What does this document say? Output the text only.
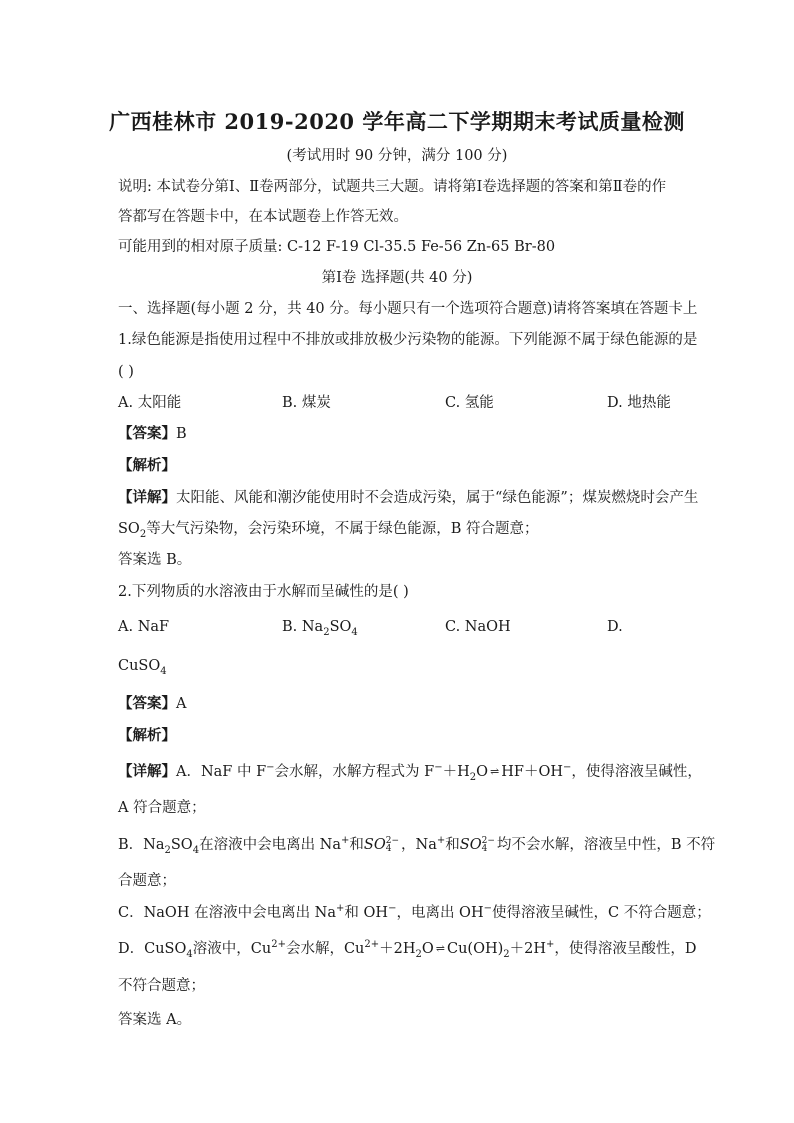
广西桂林市 2019-2020 学年高二下学期期末考试质量检测
(考试用时 90 分钟，满分 100 分)
说明: 本试卷分第Ⅰ、Ⅱ卷两部分，试题共三大题。请将第Ⅰ卷选择题的答案和第Ⅱ卷的作
答都写在答题卡中，在本试题卷上作答无效。
可能用到的相对原子质量: C-12 F-19 Cl-35.5 Fe-56 Zn-65 Br-80
第Ⅰ卷 选择题(共 40 分)
一、选择题(每小题 2 分，共 40 分。每小题只有一个选项符合题意)请将答案填在答题卡上
1.绿色能源是指使用过程中不排放或排放极少污染物的能源。下列能源不属于绿色能源的是
( )
A. 太阳能	B. 煤炭	C. 氢能	D. 地热能
【答案】B
【解析】
【详解】太阳能、风能和潮汐能使用时不会造成污染，属于“绿色能源”；煤炭燃烧时会产生
$SO_2$等大气污染物，会污染环境，不属于绿色能源，B 符合题意；
答案选 B。
2.下列物质的水溶液由于水解而呈碱性的是( )
A. NaF	B. $Na_2SO_4$	C. NaOH	D.
CuSO$_4$
【答案】A
【解析】
【详解】A．NaF 中 F−会水解，水解方程式为 $F^-+H_2O$ ⇌ HF＋OH−，使得溶液呈碱性，
A 符合题意；
B．$Na_2SO_4$在溶液中会电离出 Na+和SO 2−
4 ，Na+和SO 2−
4 均不会水解，溶液呈中性，B 不符
合题意；
C．NaOH 在溶液中会电离出 Na+和 OH−，电离出 OH−使得溶液呈碱性，C 不符合题意；
D．CuSO$_4$溶液中，$Cu^{2+}$会水解，$Cu^{2+}+2H_2O$ ⇌ $Cu(OH)_2+2H^+$，使得溶液呈酸性，D
不符合题意；
答案选 A。
